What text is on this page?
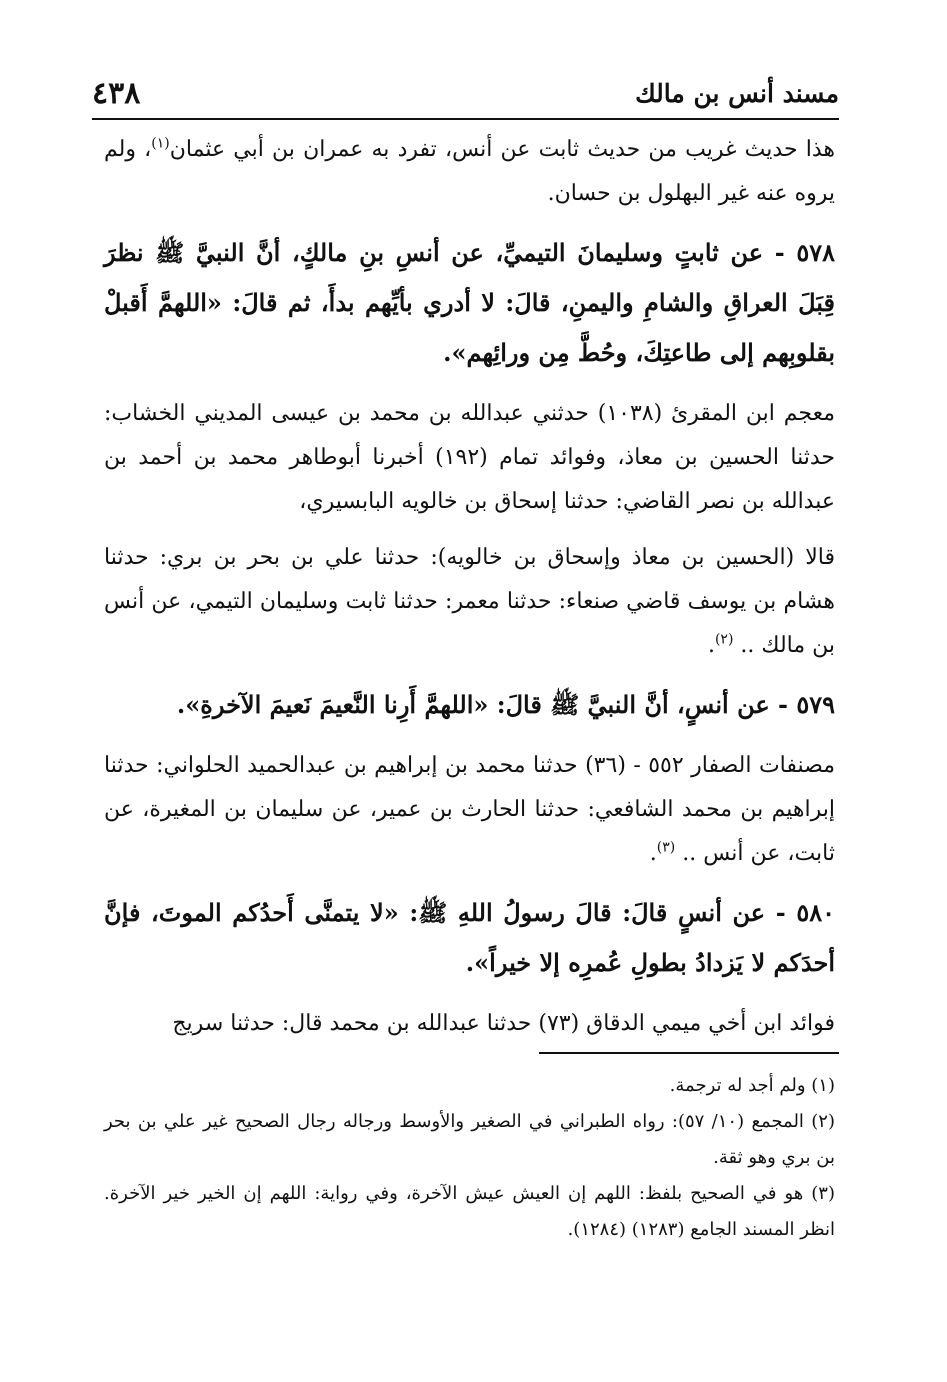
مسند أنس بن مالك
٤٣٨

هذا حديث غريب من حديث ثابت عن أنس، تفرد به عمران بن أبي عثمان$^{(١)}$، ولم يروه عنه غير البهلول بن حسان.

٥٧٨ - عن ثابتٍ وسليمانَ التيميِّ، عن أنسِ بنِ مالكٍ، أنَّ النبيَّ ﷺ نظرَ قِبَلَ العراقِ والشامِ واليمنِ، قالَ: لا أدري بأيِّهم بدأَ، ثم قالَ: «اللهمَّ أَقبلْ بقلوبِهم إلى طاعتِكَ، وحُطَّ مِن ورائِهم».

معجم ابن المقرئ (١٠٣٨) حدثني عبدالله بن محمد بن عيسى المديني الخشاب: حدثنا الحسين بن معاذ، وفوائد تمام (١٩٢) أخبرنا أبوطاهر محمد بن أحمد بن عبدالله بن نصر القاضي: حدثنا إسحاق بن خالويه البابسيري،

قالا (الحسين بن معاذ وإسحاق بن خالويه): حدثنا علي بن بحر بن بري: حدثنا هشام بن يوسف قاضي صنعاء: حدثنا معمر: حدثنا ثابت وسليمان التيمي، عن أنس بن مالك .. $^{(٢)}$.

٥٧٩ - عن أنسٍ، أنَّ النبيَّ ﷺ قالَ: «اللهمَّ أَرِنا النَّعيمَ نَعيمَ الآخرةِ».

مصنفات الصفار ٥٥٢ - (٣٦) حدثنا محمد بن إبراهيم بن عبدالحميد الحلواني: حدثنا إبراهيم بن محمد الشافعي: حدثنا الحارث بن عمير، عن سليمان بن المغيرة، عن ثابت، عن أنس .. $^{(٣)}$.

٥٨٠ - عن أنسٍ قالَ: قالَ رسولُ اللهِ ﷺ: «لا يتمنَّى أَحدُكم الموتَ، فإنَّ أحدَكم لا يَزدادُ بطولِ عُمرِه إلا خيراً».

فوائد ابن أخي ميمي الدقاق (٧٣) حدثنا عبدالله بن محمد قال: حدثنا سريج

(١) ولم أجد له ترجمة.

(٢) المجمع (١٠/ ٥٧): رواه الطبراني في الصغير والأوسط ورجاله رجال الصحيح غير علي بن بحر بن بري وهو ثقة.

(٣) هو في الصحيح بلفظ: اللهم إن العيش عيش الآخرة، وفي رواية: اللهم إن الخير خير الآخرة. انظر المسند الجامع (١٢٨٣) (١٢٨٤).
